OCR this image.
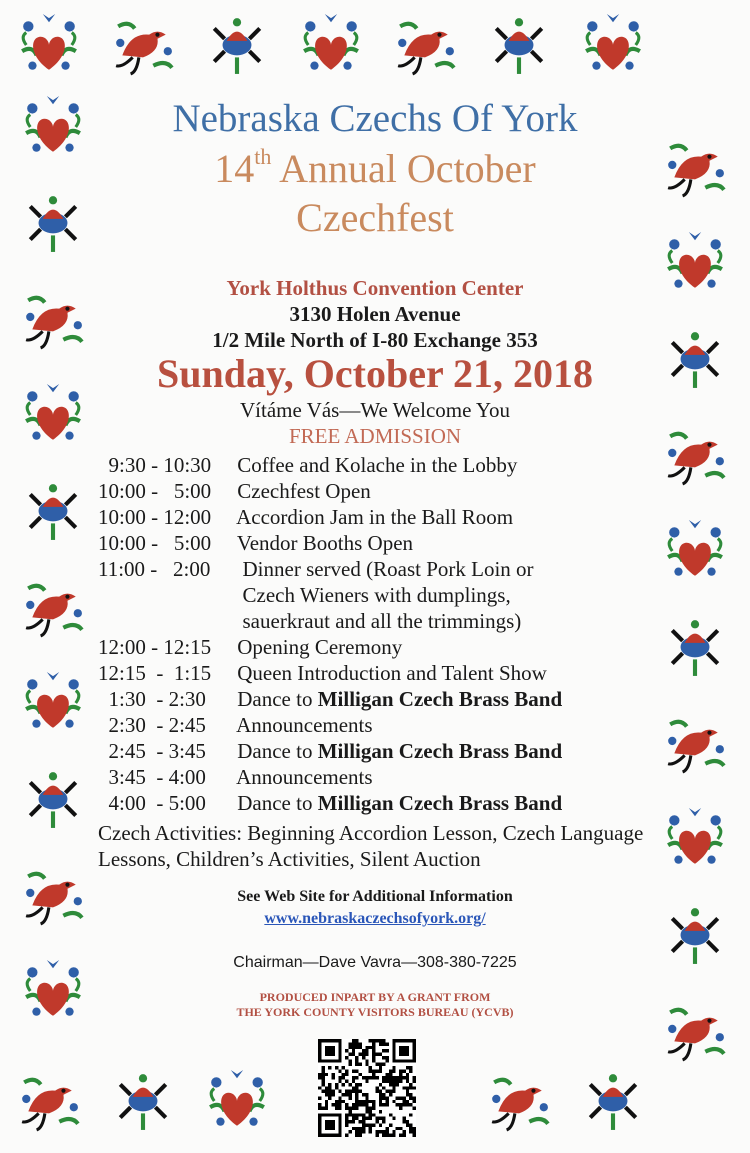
Nebraska Czechs Of York
14th Annual October
Czechfest
York Holthus Convention Center
3130 Holen Avenue
1/2 Mile North of I-80 Exchange 353
Sunday, October 21, 2018
Vítáme Vás—We Welcome You
FREE ADMISSION
9:30 - 10:30 Coffee and Kolache in the Lobby
10:00 -   5:00 Czechfest Open
10:00 - 12:00 Accordion Jam in the Ball Room
10:00 -   5:00 Vendor Booths Open
11:00 -   2:00	Dinner served (Roast Pork Loin or
Czech Wieners with dumplings,
sauerkraut and all the trimmings)
12:00 - 12:15 Opening Ceremony
12:15  -  1:15 Queen Introduction and Talent Show
1:30  - 2:30	Dance to Milligan Czech Brass Band
2:30  - 2:45	Announcements
2:45  - 3:45	Dance to Milligan Czech Brass Band
3:45  - 4:00	Announcements
4:00  - 5:00	Dance to Milligan Czech Brass Band
Czech Activities: Beginning Accordion Lesson, Czech Language Lessons, Children’s Activities, Silent Auction
See Web Site for Additional Information
www.nebraskaczechsofyork.org/
Chairman—Dave Vavra—308-380-7225
PRODUCED INPART BY A GRANT FROM
THE YORK COUNTY VISITORS BUREAU (YCVB)
